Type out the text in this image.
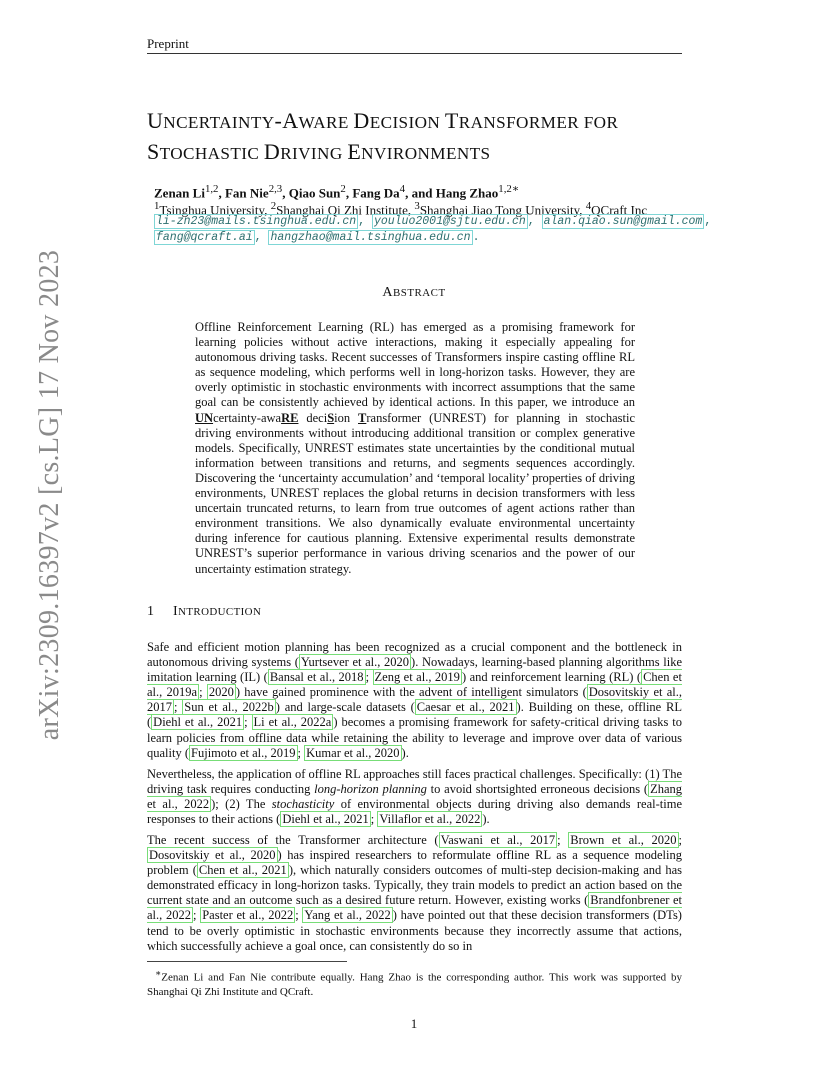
Preprint
arXiv:2309.16397v2 [cs.LG] 17 Nov 2023
UNCERTAINTY-AWARE DECISION TRANSFORMER FOR
STOCHASTIC DRIVING ENVIRONMENTS
Zenan Li$^{1,2}$, Fan Nie$^{2,3}$, Qiao Sun$^2$, Fang Da$^4$, and Hang Zhao$^{1,2∗}$
$^1$Tsinghua University, $^2$Shanghai Qi Zhi Institute, $^3$Shanghai Jiao Tong University, $^4$QCraft Inc
li-zn23@mails.tsinghua.edu.cn , youluo2001@sjtu.edu.cn , alan.qiao.sun@gmail.com , fang@qcraft.ai , hangzhao@mail.tsinghua.edu.cn .
ABSTRACT
Offline Reinforcement Learning (RL) has emerged as a promising framework for learning policies without active interactions, making it especially appealing for autonomous driving tasks. Recent successes of Transformers inspire casting offline RL as sequence modeling, which performs well in long-horizon tasks. However, they are overly optimistic in stochastic environments with incorrect assumptions that the same goal can be consistently achieved by identical actions. In this paper, we introduce an UNcertainty-awaRE deciSion Transformer (UNREST) for planning in stochastic driving environments without introducing additional transition or complex generative models. Specifically, UNREST estimates state uncertainties by the conditional mutual information between transitions and returns, and segments sequences accordingly. Discovering the ‘uncertainty accumulation’ and ‘temporal locality’ properties of driving environments, UNREST replaces the global returns in decision transformers with less uncertain truncated returns, to learn from true outcomes of agent actions rather than environment transitions. We also dynamically evaluate environmental uncertainty during inference for cautious planning. Extensive experimental results demonstrate UNREST’s superior performance in various driving scenarios and the power of our uncertainty estimation strategy.
1 INTRODUCTION
Safe and efficient motion planning has been recognized as a crucial component and the bottleneck in autonomous driving systems ( Yurtsever et al., 2020 ). Nowadays, learning-based planning algorithms like imitation learning (IL) ( Bansal et al., 2018 ; Zeng et al., 2019 ) and reinforcement learning (RL) ( Chen et al., 2019a ; 2020 ) have gained prominence with the advent of intelligent simulators ( Dosovitskiy et al., 2017 ; Sun et al., 2022b ) and large-scale datasets ( Caesar et al., 2021 ). Building on these, offline RL ( Diehl et al., 2021 ; Li et al., 2022a ) becomes a promising framework for safety-critical driving tasks to learn policies from offline data while retaining the ability to leverage and improve over data of various quality ( Fujimoto et al., 2019 ; Kumar et al., 2020 ).
Nevertheless, the application of offline RL approaches still faces practical challenges. Specifically: (1) The driving task requires conducting long-horizon planning to avoid shortsighted erroneous decisions ( Zhang et al., 2022 ); (2) The stochasticity of environmental objects during driving also demands real-time responses to their actions ( Diehl et al., 2021 ; Villaflor et al., 2022 ).
The recent success of the Transformer architecture ( Vaswani et al., 2017 ; Brown et al., 2020 ; Dosovitskiy et al., 2020 ) has inspired researchers to reformulate offline RL as a sequence modeling problem ( Chen et al., 2021 ), which naturally considers outcomes of multi-step decision-making and has demonstrated efficacy in long-horizon tasks. Typically, they train models to predict an action based on the current state and an outcome such as a desired future return. However, existing works ( Brandfonbrener et al., 2022 ; Paster et al., 2022 ; Yang et al., 2022 ) have pointed out that these decision transformers (DTs) tend to be overly optimistic in stochastic environments because they incorrectly assume that actions, which successfully achieve a goal once, can consistently do so in
∗Zenan Li and Fan Nie contribute equally. Hang Zhao is the corresponding author. This work was supported by Shanghai Qi Zhi Institute and QCraft.
1
